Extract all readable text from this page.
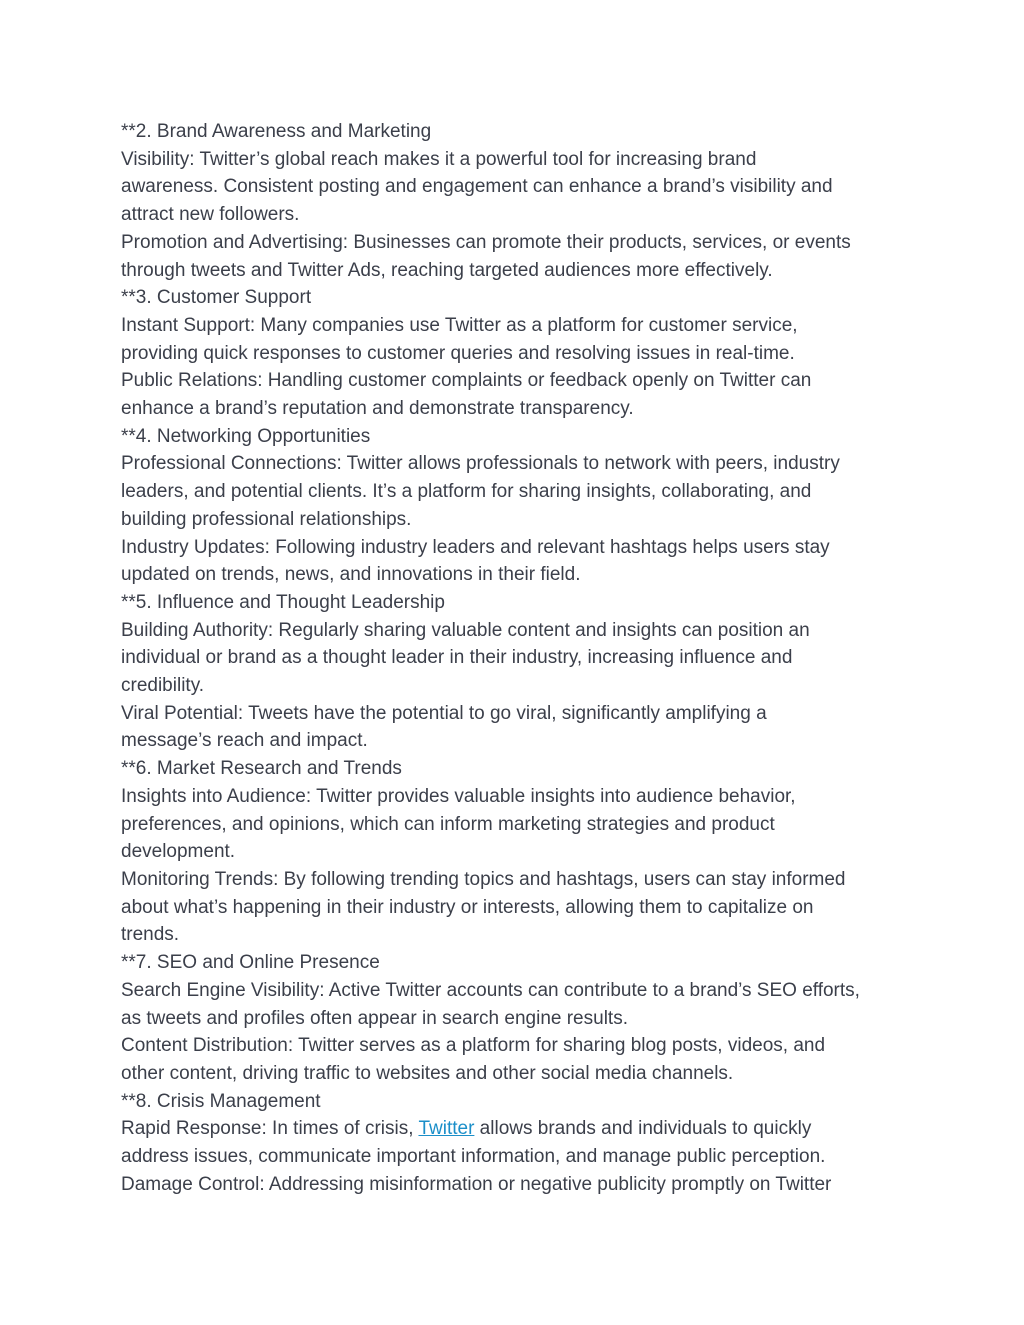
**2. Brand Awareness and Marketing
Visibility: Twitter’s global reach makes it a powerful tool for increasing brand
awareness. Consistent posting and engagement can enhance a brand’s visibility and
attract new followers.
Promotion and Advertising: Businesses can promote their products, services, or events
through tweets and Twitter Ads, reaching targeted audiences more effectively.
**3. Customer Support
Instant Support: Many companies use Twitter as a platform for customer service,
providing quick responses to customer queries and resolving issues in real-time.
Public Relations: Handling customer complaints or feedback openly on Twitter can
enhance a brand’s reputation and demonstrate transparency.
**4. Networking Opportunities
Professional Connections: Twitter allows professionals to network with peers, industry
leaders, and potential clients. It’s a platform for sharing insights, collaborating, and
building professional relationships.
Industry Updates: Following industry leaders and relevant hashtags helps users stay
updated on trends, news, and innovations in their field.
**5. Influence and Thought Leadership
Building Authority: Regularly sharing valuable content and insights can position an
individual or brand as a thought leader in their industry, increasing influence and
credibility.
Viral Potential: Tweets have the potential to go viral, significantly amplifying a
message’s reach and impact.
**6. Market Research and Trends
Insights into Audience: Twitter provides valuable insights into audience behavior,
preferences, and opinions, which can inform marketing strategies and product
development.
Monitoring Trends: By following trending topics and hashtags, users can stay informed
about what’s happening in their industry or interests, allowing them to capitalize on
trends.
**7. SEO and Online Presence
Search Engine Visibility: Active Twitter accounts can contribute to a brand’s SEO efforts,
as tweets and profiles often appear in search engine results.
Content Distribution: Twitter serves as a platform for sharing blog posts, videos, and
other content, driving traffic to websites and other social media channels.
**8. Crisis Management
Rapid Response: In times of crisis, Twitter allows brands and individuals to quickly
address issues, communicate important information, and manage public perception.
Damage Control: Addressing misinformation or negative publicity promptly on Twitter
